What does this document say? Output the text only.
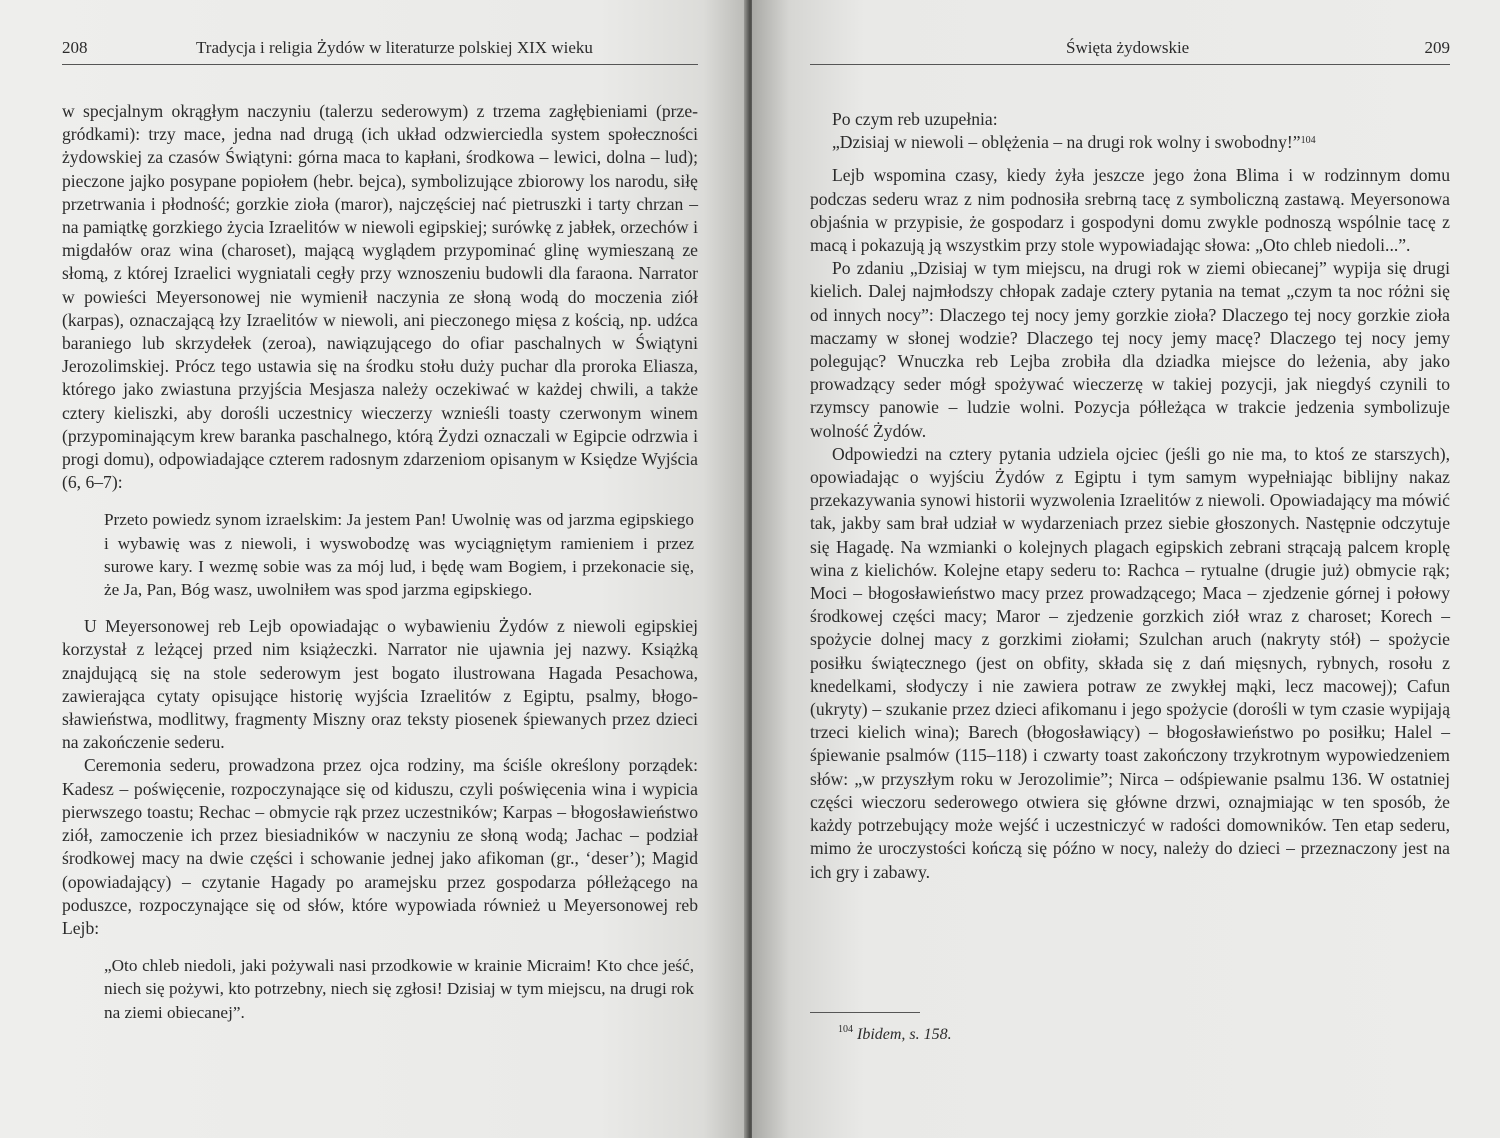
208	Tradycja i religia Żydów w literaturze polskiej XIX wieku

w specjalnym okrągłym naczyniu (talerzu sederowym) z trzema zagłębieniami (przegródkami): trzy mace, jedna nad drugą (ich układ odzwierciedla system społeczności żydowskiej za czasów Świątyni: górna maca to kapłani, środkowa – lewici, dolna – lud); pieczone jajko posypane popiołem (hebr. bejca), symbolizujące zbiorowy los narodu, siłę przetrwania i płodność; gorzkie zioła (maror), najczęściej nać pietruszki i tarty chrzan – na pamiątkę gorzkiego życia Izraelitów w niewoli egipskiej; surówkę z jabłek, orzechów i migdałów oraz wina (charoset), mającą wyglądem przypominać glinę wymieszaną ze słomą, z której Izraelici wygniatali cegły przy wznoszeniu budowli dla faraona. Narrator w powieści Meyersonowej nie wymienił naczynia ze słoną wodą do moczenia ziół (karpas), oznaczającą łzy Izraelitów w niewoli, ani pieczonego mięsa z kością, np. udźca baraniego lub skrzydełek (zeroa), nawiązującego do ofiar paschalnych w Świątyni Jerozolimskiej. Prócz tego ustawia się na środku stołu duży puchar dla proroka Eliasza, którego jako zwiastuna przyjścia Mesjasza należy oczekiwać w każdej chwili, a także cztery kieliszki, aby dorośli uczestnicy wieczerzy wznieśli toasty czerwonym winem (przypominającym krew baranka paschalnego, którą Żydzi oznaczali w Egipcie odrzwia i progi domu), odpowiadające czterem radosnym zdarzeniom opisanym w Księdze Wyjścia (6, 6–7):

Przeto powiedz synom izraelskim: Ja jestem Pan! Uwolnię was od jarzma egipskiego i wybawię was z niewoli, i wyswobodzę was wyciągniętym ramieniem i przez surowe kary. I wezmę sobie was za mój lud, i będę wam Bogiem, i przekonacie się, że Ja, Pan, Bóg wasz, uwolniłem was spod jarzma egipskiego.

U Meyersonowej reb Lejb opowiadając o wybawieniu Żydów z niewoli egipskiej korzystał z leżącej przed nim książeczki. Narrator nie ujawnia jej nazwy. Książką znajdującą się na stole sederowym jest bogato ilustrowana Hagada Pesachowa, zawierająca cytaty opisujące historię wyjścia Izraelitów z Egiptu, psalmy, błogosławieństwa, modlitwy, fragmenty Miszny oraz teksty piosenek śpiewanych przez dzieci na zakończenie sederu.

Ceremonia sederu, prowadzona przez ojca rodziny, ma ściśle określony porządek: Kadesz – poświęcenie, rozpoczynające się od kiduszu, czyli poświęcenia wina i wypicia pierwszego toastu; Rechac – obmycie rąk przez uczestników; Karpas – błogosławieństwo ziół, zamoczenie ich przez biesiadników w naczyniu ze słoną wodą; Jachac – podział środkowej macy na dwie części i schowanie jednej jako afikoman (gr., ‘deser’); Magid (opowiadający) – czytanie Hagady po aramejsku przez gospodarza półleżącego na poduszce, rozpoczynające się od słów, które wypowiada również u Meyersonowej reb Lejb:

„Oto chleb niedoli, jaki pożywali nasi przodkowie w krainie Micraim! Kto chce jeść, niech się pożywi, kto potrzebny, niech się zgłosi! Dzisiaj w tym miejscu, na drugi rok na ziemi obiecanej”.

Święta żydowskie	209

Po czym reb uzupełnia:

„Dzisiaj w niewoli – oblężenia – na drugi rok wolny i swobodny!”$^{104}$

Lejb wspomina czasy, kiedy żyła jeszcze jego żona Blima i w rodzinnym domu podczas sederu wraz z nim podnosiła srebrną tacę z symboliczną zastawą. Meyersonowa objaśnia w przypisie, że gospodarz i gospodyni domu zwykle podnoszą wspólnie tacę z macą i pokazują ją wszystkim przy stole wypowiadając słowa: „Oto chleb niedoli...”.

Po zdaniu „Dzisiaj w tym miejscu, na drugi rok w ziemi obiecanej” wypija się drugi kielich. Dalej najmłodszy chłopak zadaje cztery pytania na temat „czym ta noc różni się od innych nocy”: Dlaczego tej nocy jemy gorzkie zioła? Dlaczego tej nocy gorzkie zioła maczamy w słonej wodzie? Dlaczego tej nocy jemy macę? Dlaczego tej nocy jemy polegując? Wnuczka reb Lejba zrobiła dla dziadka miejsce do leżenia, aby jako prowadzący seder mógł spożywać wieczerzę w takiej pozycji, jak niegdyś czynili to rzymscy panowie – ludzie wolni. Pozycja półleżąca w trakcie jedzenia symbolizuje wolność Żydów.

Odpowiedzi na cztery pytania udziela ojciec (jeśli go nie ma, to ktoś ze starszych), opowiadając o wyjściu Żydów z Egiptu i tym samym wypełniając biblijny nakaz przekazywania synowi historii wyzwolenia Izraelitów z niewoli. Opowiadający ma mówić tak, jakby sam brał udział w wydarzeniach przez siebie głoszonych. Następnie odczytuje się Hagadę. Na wzmianki o kolejnych plagach egipskich zebrani strącają palcem kroplę wina z kielichów. Kolejne etapy sederu to: Rachca – rytualne (drugie już) obmycie rąk; Moci – błogosławieństwo macy przez prowadzącego; Maca – zjedzenie górnej i połowy środkowej części macy; Maror – zjedzenie gorzkich ziół wraz z charoset; Korech – spożycie dolnej macy z gorzkimi ziołami; Szulchan aruch (nakryty stół) – spożycie posiłku świątecznego (jest on obfity, składa się z dań mięsnych, rybnych, rosołu z knedelkami, słodyczy i nie zawiera potraw ze zwykłej mąki, lecz macowej); Cafun (ukryty) – szukanie przez dzieci afikomanu i jego spożycie (dorośli w tym czasie wypijają trzeci kielich wina); Barech (błogosławiący) – błogosławieństwo po posiłku; Halel – śpiewanie psalmów (115–118) i czwarty toast zakończony trzykrotnym wypowiedzeniem słów: „w przyszłym roku w Jerozolimie”; Nirca – odśpiewanie psalmu 136. W ostatniej części wieczoru sederowego otwiera się główne drzwi, oznajmiając w ten sposób, że każdy potrzebujący może wejść i uczestniczyć w radości domowników. Ten etap sederu, mimo że uroczystości kończą się późno w nocy, należy do dzieci – przeznaczony jest na ich gry i zabawy.

$^{104}$ Ibidem, s. 158.
